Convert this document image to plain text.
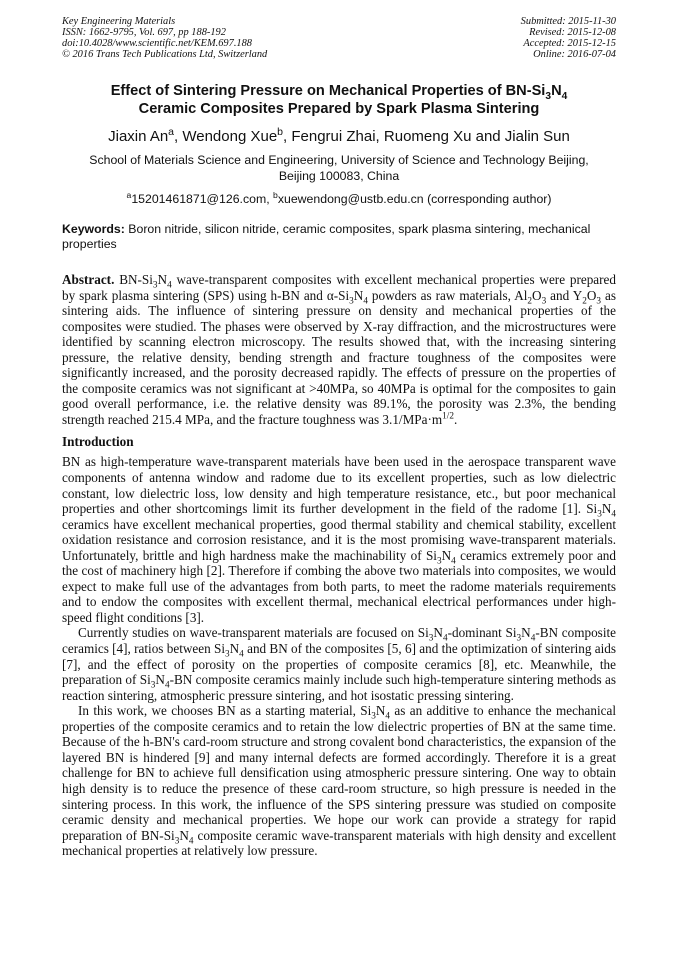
Key Engineering Materials
ISSN: 1662-9795, Vol. 697, pp 188-192
doi:10.4028/www.scientific.net/KEM.697.188
© 2016 Trans Tech Publications Ltd, Switzerland
Submitted: 2015-11-30
Revised: 2015-12-08
Accepted: 2015-12-15
Online: 2016-07-04
Effect of Sintering Pressure on Mechanical Properties of $BN-Si_3N_4$
Ceramic Composites Prepared by Spark Plasma Sintering
Jiaxin An$^a$, Wendong Xue$^b$, Fengrui Zhai, Ruomeng Xu and Jialin Sun
School of Materials Science and Engineering, University of Science and Technology Beijing,
Beijing 100083, China
$^a$15201461871@126.com, $^b$xuewendong@ustb.edu.cn (corresponding author)
Keywords: Boron nitride, silicon nitride, ceramic composites, spark plasma sintering, mechanical properties
Abstract. $BN-Si_3N_4$ wave-transparent composites with excellent mechanical properties were prepared by spark plasma sintering (SPS) using h-BN and $\alpha-Si_3N_4$ powders as raw materials, $Al_2O_3$ and $Y_2O_3$ as sintering aids. The influence of sintering pressure on density and mechanical properties of the composites were studied. The phases were observed by X-ray diffraction, and the microstructures were identified by scanning electron microscopy. The results showed that, with the increasing sintering pressure, the relative density, bending strength and fracture toughness of the composites were significantly increased, and the porosity decreased rapidly. The effects of pressure on the properties of the composite ceramics was not significant at >40MPa, so 40MPa is optimal for the composites to gain good overall performance, i.e. the relative density was 89.1%, the porosity was 2.3%, the bending strength reached 215.4 MPa, and the fracture toughness was $3.1/MPa\cdot m^{1/2}$.
Introduction
BN as high-temperature wave-transparent materials have been used in the aerospace transparent wave components of antenna window and radome due to its excellent properties, such as low dielectric constant, low dielectric loss, low density and high temperature resistance, etc., but poor mechanical properties and other shortcomings limit its further development in the field of the radome [1]. $Si_3N_4$ ceramics have excellent mechanical properties, good thermal stability and chemical stability, excellent oxidation resistance and corrosion resistance, and it is the most promising wave-transparent materials. Unfortunately, brittle and high hardness make the machinability of $Si_3N_4$ ceramics extremely poor and the cost of machinery high [2]. Therefore if combing the above two materials into composites, we would expect to make full use of the advantages from both parts, to meet the radome materials requirements and to endow the composites with excellent thermal, mechanical electrical performances under high-speed flight conditions [3].
Currently studies on wave-transparent materials are focused on $Si_3N_4$-dominant $Si_3N_4-BN$ composite ceramics [4], ratios between $Si_3N_4$ and BN of the composites [5, 6] and the optimization of sintering aids [7], and the effect of porosity on the properties of composite ceramics [8], etc. Meanwhile, the preparation of $Si_3N_4-BN$ composite ceramics mainly include such high-temperature sintering methods as reaction sintering, atmospheric pressure sintering, and hot isostatic pressing sintering.
In this work, we chooses BN as a starting material, $Si_3N_4$ as an additive to enhance the mechanical properties of the composite ceramics and to retain the low dielectric properties of BN at the same time. Because of the h-BN's card-room structure and strong covalent bond characteristics, the expansion of the layered BN is hindered [9] and many internal defects are formed accordingly. Therefore it is a great challenge for BN to achieve full densification using atmospheric pressure sintering. One way to obtain high density is to reduce the presence of these card-room structure, so high pressure is needed in the sintering process. In this work, the influence of the SPS sintering pressure was studied on composite ceramic density and mechanical properties. We hope our work can provide a strategy for rapid preparation of $BN-Si_3N_4$ composite ceramic wave-transparent materials with high density and excellent mechanical properties at relatively low pressure.
